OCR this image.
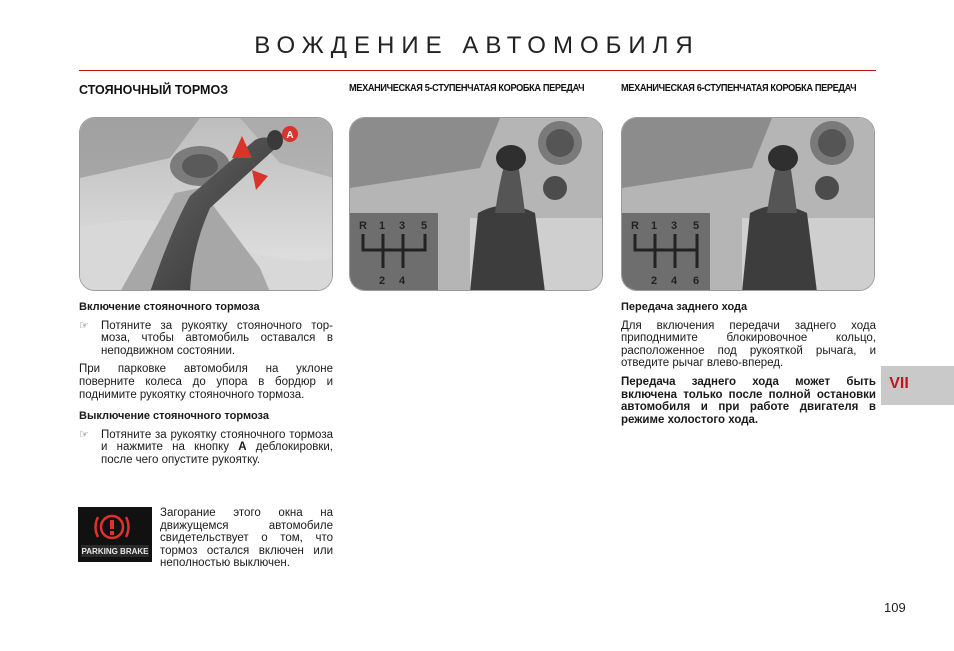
ВОЖДЕНИЕ АВТОМОБИЛЯ
СТОЯНОЧНЫЙ ТОРМОЗ	МЕХАНИЧЕСКАЯ 5-СТУПЕНЧАТАЯ КОРОБКА ПЕРЕДАЧ	МЕХАНИЧЕСКАЯ 6-СТУПЕНЧАТАЯ КОРОБКА ПЕРЕДАЧ
A
R 1 3 5
2 4
R 1 3 5
2 4 6
Включение стояночного тормоза
☞	Потяните за рукоятку стояночного тор-моза, чтобы автомобиль оставался в неподвижном состоянии.

При парковке автомобиля на уклоне поверните колеса до упора в бордюр и поднимите рукоятку стояночного тормоза.

Выключение стояночного тормоза
☞	Потяните за рукоятку стояночного тормоза и нажмите на кнопку A деблокировки, после чего опустите рукоятку.
PARKING BRAKE
Загорание этого окна на движущемся автомобиле свидетельствует о том, что тормоз остался включен или неполностью выключен.
Передача заднего хода

Для включения передачи заднего хода приподнимите блокировочное кольцо, расположенное под рукояткой рычага, и отведите рычаг влево-вперед.

Передача заднего хода может быть включена только после полной остановки автомобиля и при работе двигателя в режиме холостого хода.

VII
109
